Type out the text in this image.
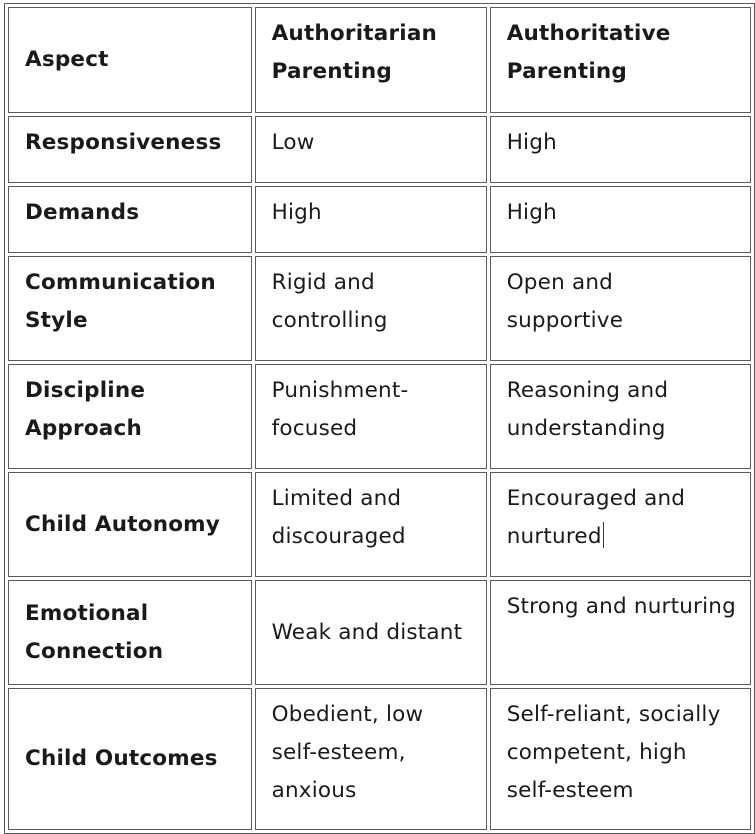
Aspect	Authoritarian Parenting	Authoritative Parenting
Responsiveness	Low	High
Demands	High	High
Communication Style	Rigid and controlling	Open and supportive
Discipline Approach	Punishment-focused	Reasoning and understanding
Child Autonomy	Limited and discouraged	Encouraged and nurtured
Emotional Connection	Weak and distant	Strong and nurturing
Child Outcomes	Obedient, low self-esteem, anxious	Self-reliant, socially competent, high self-esteem
